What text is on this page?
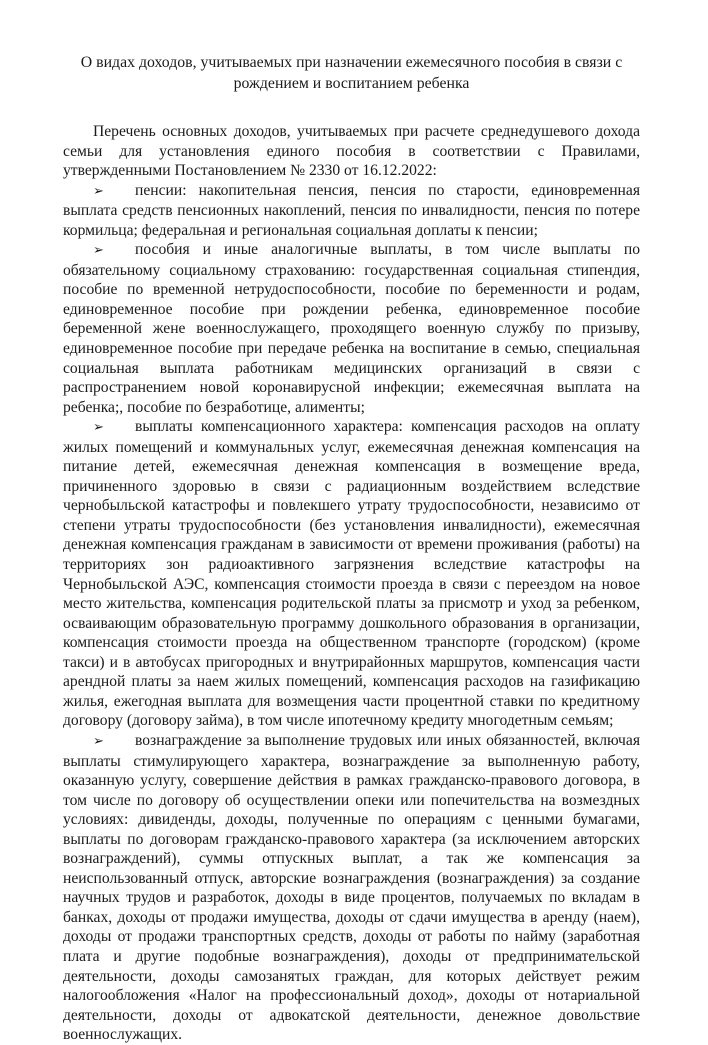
О видах доходов, учитываемых при назначении ежемесячного пособия в связи с
рождением и воспитанием ребенка

Перечень основных доходов, учитываемых при расчете среднедушевого дохода семьи для установления единого пособия в соответствии с Правилами, утвержденными Постановлением № 2330 от 16.12.2022:

➢ пенсии: накопительная пенсия, пенсия по старости, единовременная выплата средств пенсионных накоплений, пенсия по инвалидности, пенсия по потере кормильца; федеральная и региональная социальная доплаты к пенсии;

➢ пособия и иные аналогичные выплаты, в том числе выплаты по обязательному социальному страхованию: государственная социальная стипендия, пособие по временной нетрудоспособности, пособие по беременности и родам, единовременное пособие при рождении ребенка, единовременное пособие беременной жене военнослужащего, проходящего военную службу по призыву, единовременное пособие при передаче ребенка на воспитание в семью, специальная социальная выплата работникам медицинских организаций в связи с распространением новой коронавирусной инфекции; ежемесячная выплата на ребенка;, пособие по безработице, алименты;

➢ выплаты компенсационного характера: компенсация расходов на оплату жилых помещений и коммунальных услуг, ежемесячная денежная компенсация на питание детей, ежемесячная денежная компенсация в возмещение вреда, причиненного здоровью в связи с радиационным воздействием вследствие чернобыльской катастрофы и повлекшего утрату трудоспособности, независимо от степени утраты трудоспособности (без установления инвалидности), ежемесячная денежная компенсация гражданам в зависимости от времени проживания (работы) на территориях зон радиоактивного загрязнения вследствие катастрофы на Чернобыльской АЭС, компенсация стоимости проезда в связи с переездом на новое место жительства, компенсация родительской платы за присмотр и уход за ребенком, осваивающим образовательную программу дошкольного образования в организации, компенсация стоимости проезда на общественном транспорте (городском) (кроме такси) и в автобусах пригородных и внутрирайонных маршрутов, компенсация части арендной платы за наем жилых помещений, компенсация расходов на газификацию жилья, ежегодная выплата для возмещения части процентной ставки по кредитному договору (договору займа), в том числе ипотечному кредиту многодетным семьям;

➢ вознаграждение за выполнение трудовых или иных обязанностей, включая выплаты стимулирующего характера, вознаграждение за выполненную работу, оказанную услугу, совершение действия в рамках гражданско-правового договора, в том числе по договору об осуществлении опеки или попечительства на возмездных условиях: дивиденды, доходы, полученные по операциям с ценными бумагами, выплаты по договорам гражданско-правового характера (за исключением авторских вознаграждений), суммы отпускных выплат, а так же компенсация за неиспользованный отпуск, авторские вознаграждения (вознаграждения) за создание научных трудов и разработок, доходы в виде процентов, получаемых по вкладам в банках, доходы от продажи имущества, доходы от сдачи имущества в аренду (наем), доходы от продажи транспортных средств, доходы от работы по найму (заработная плата и другие подобные вознаграждения), доходы от предпринимательской деятельности, доходы самозанятых граждан, для которых действует режим налогообложения «Налог на профессиональный доход», доходы от нотариальной деятельности, доходы от адвокатской деятельности, денежное довольствие военнослужащих.
